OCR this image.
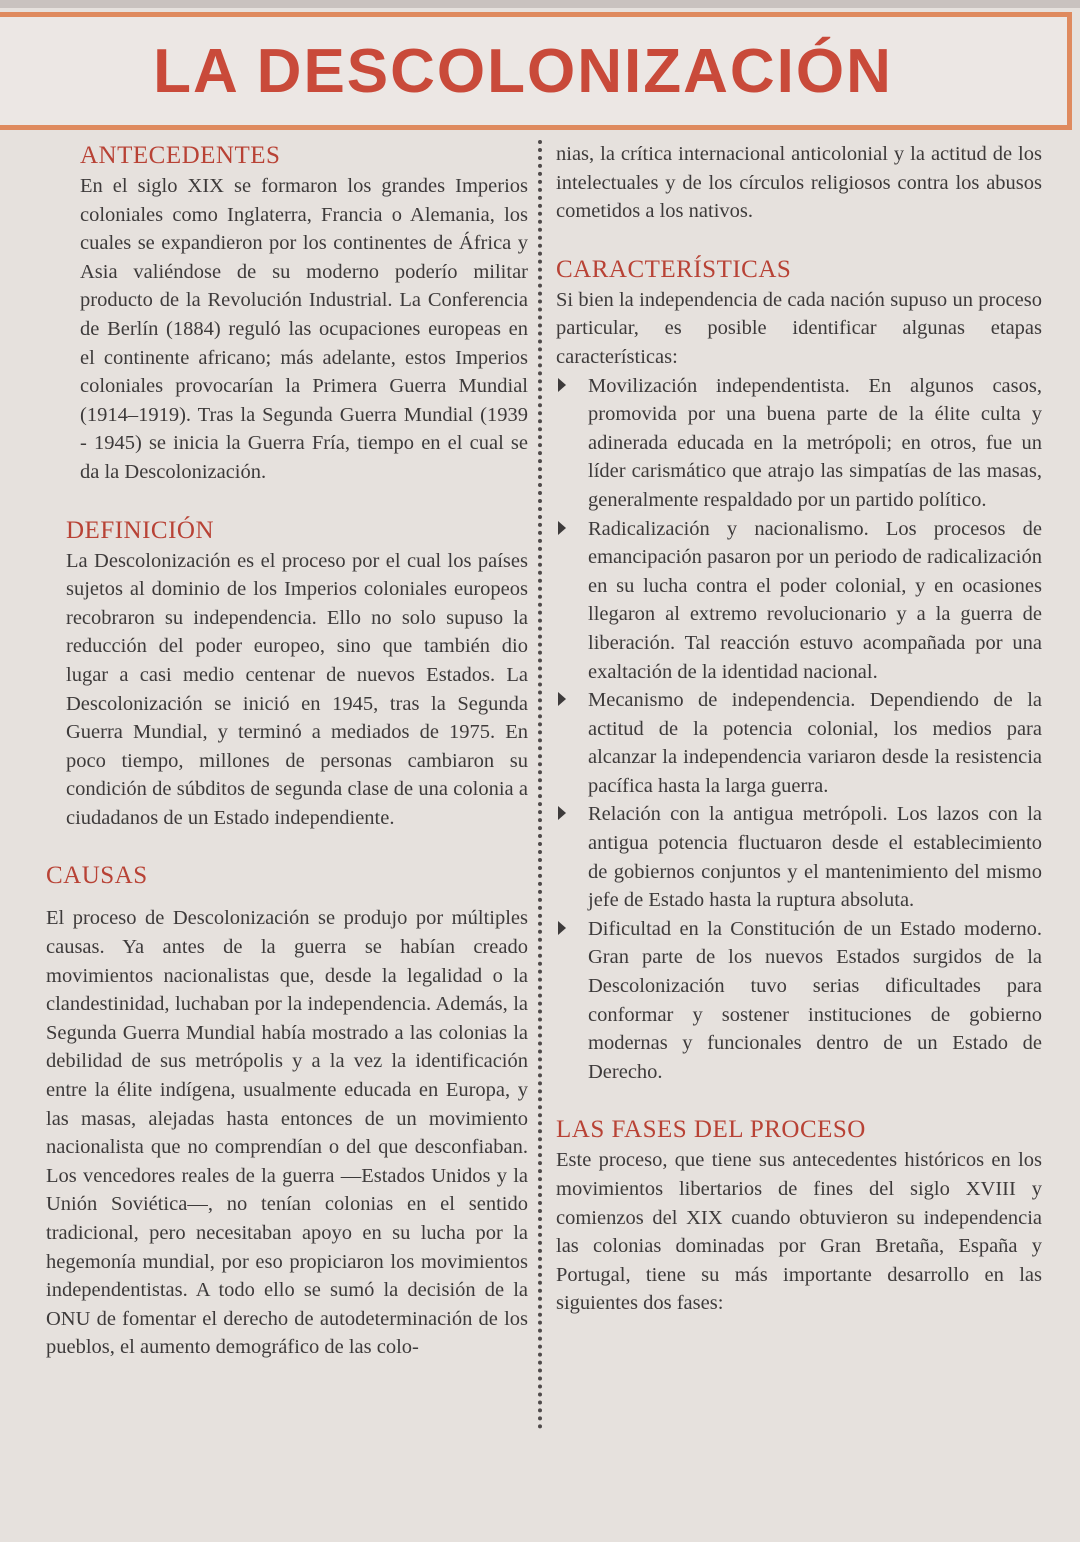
LA DESCOLONIZACIÓN
ANTECEDENTES

En el siglo XIX se formaron los grandes Imperios coloniales como Inglaterra, Francia o Alemania, los cuales se expandieron por los continentes de África y Asia valiéndose de su moderno poderío militar producto de la Revolución Industrial. La Conferencia de Berlín (1884) reguló las ocupaciones europeas en el continente africano; más adelante, estos Imperios coloniales provocarían la Primera Guerra Mundial (1914–1919). Tras la Segunda Guerra Mundial (1939 - 1945) se inicia la Guerra Fría, tiempo en el cual se da la Descolonización.

DEFINICIÓN

La Descolonización es el proceso por el cual los países sujetos al dominio de los Imperios coloniales europeos recobraron su independencia. Ello no solo supuso la reducción del poder europeo, sino que también dio lugar a casi medio centenar de nuevos Estados. La Descolonización se inició en 1945, tras la Segunda Guerra Mundial, y terminó a mediados de 1975. En poco tiempo, millones de personas cambiaron su condición de súbditos de segunda clase de una colonia a ciudadanos de un Estado independiente.

CAUSAS

El proceso de Descolonización se produjo por múltiples causas. Ya antes de la guerra se habían creado movimientos nacionalistas que, desde la legalidad o la clandestinidad, luchaban por la independencia. Además, la Segunda Guerra Mundial había mostrado a las colonias la debilidad de sus metrópolis y a la vez la identificación entre la élite indígena, usualmente educada en Europa, y las masas, alejadas hasta entonces de un movimiento nacionalista que no comprendían o del que desconfiaban. Los vencedores reales de la guerra —Estados Unidos y la Unión Soviética—, no tenían colonias en el sentido tradicional, pero necesitaban apoyo en su lucha por la hegemonía mundial, por eso propiciaron los movimientos independentistas. A todo ello se sumó la decisión de la ONU de fomentar el derecho de autodeterminación de los pueblos, el aumento demográfico de las colo-

nias, la crítica internacional anticolonial y la actitud de los intelectuales y de los círculos religiosos contra los abusos cometidos a los nativos.

CARACTERÍSTICAS

Si bien la independencia de cada nación supuso un proceso particular, es posible identificar algunas etapas características:

Movilización independentista. En algunos casos, promovida por una buena parte de la élite culta y adinerada educada en la metrópoli; en otros, fue un líder carismático que atrajo las simpatías de las masas, generalmente respaldado por un partido político.
Radicalización y nacionalismo. Los procesos de emancipación pasaron por un periodo de radicalización en su lucha contra el poder colonial, y en ocasiones llegaron al extremo revolucionario y a la guerra de liberación. Tal reacción estuvo acompañada por una exaltación de la identidad nacional.
Mecanismo de independencia. Dependiendo de la actitud de la potencia colonial, los medios para alcanzar la independencia variaron desde la resistencia pacífica hasta la larga guerra.
Relación con la antigua metrópoli. Los lazos con la antigua potencia fluctuaron desde el establecimiento de gobiernos conjuntos y el mantenimiento del mismo jefe de Estado hasta la ruptura absoluta.
Dificultad en la Constitución de un Estado moderno. Gran parte de los nuevos Estados surgidos de la Descolonización tuvo serias dificultades para conformar y sostener instituciones de gobierno modernas y funcionales dentro de un Estado de Derecho.
LAS FASES DEL PROCESO

Este proceso, que tiene sus antecedentes históricos en los movimientos libertarios de fines del siglo XVIII y comienzos del XIX cuando obtuvieron su independencia las colonias dominadas por Gran Bretaña, España y Portugal, tiene su más importante desarrollo en las siguientes dos fases:
